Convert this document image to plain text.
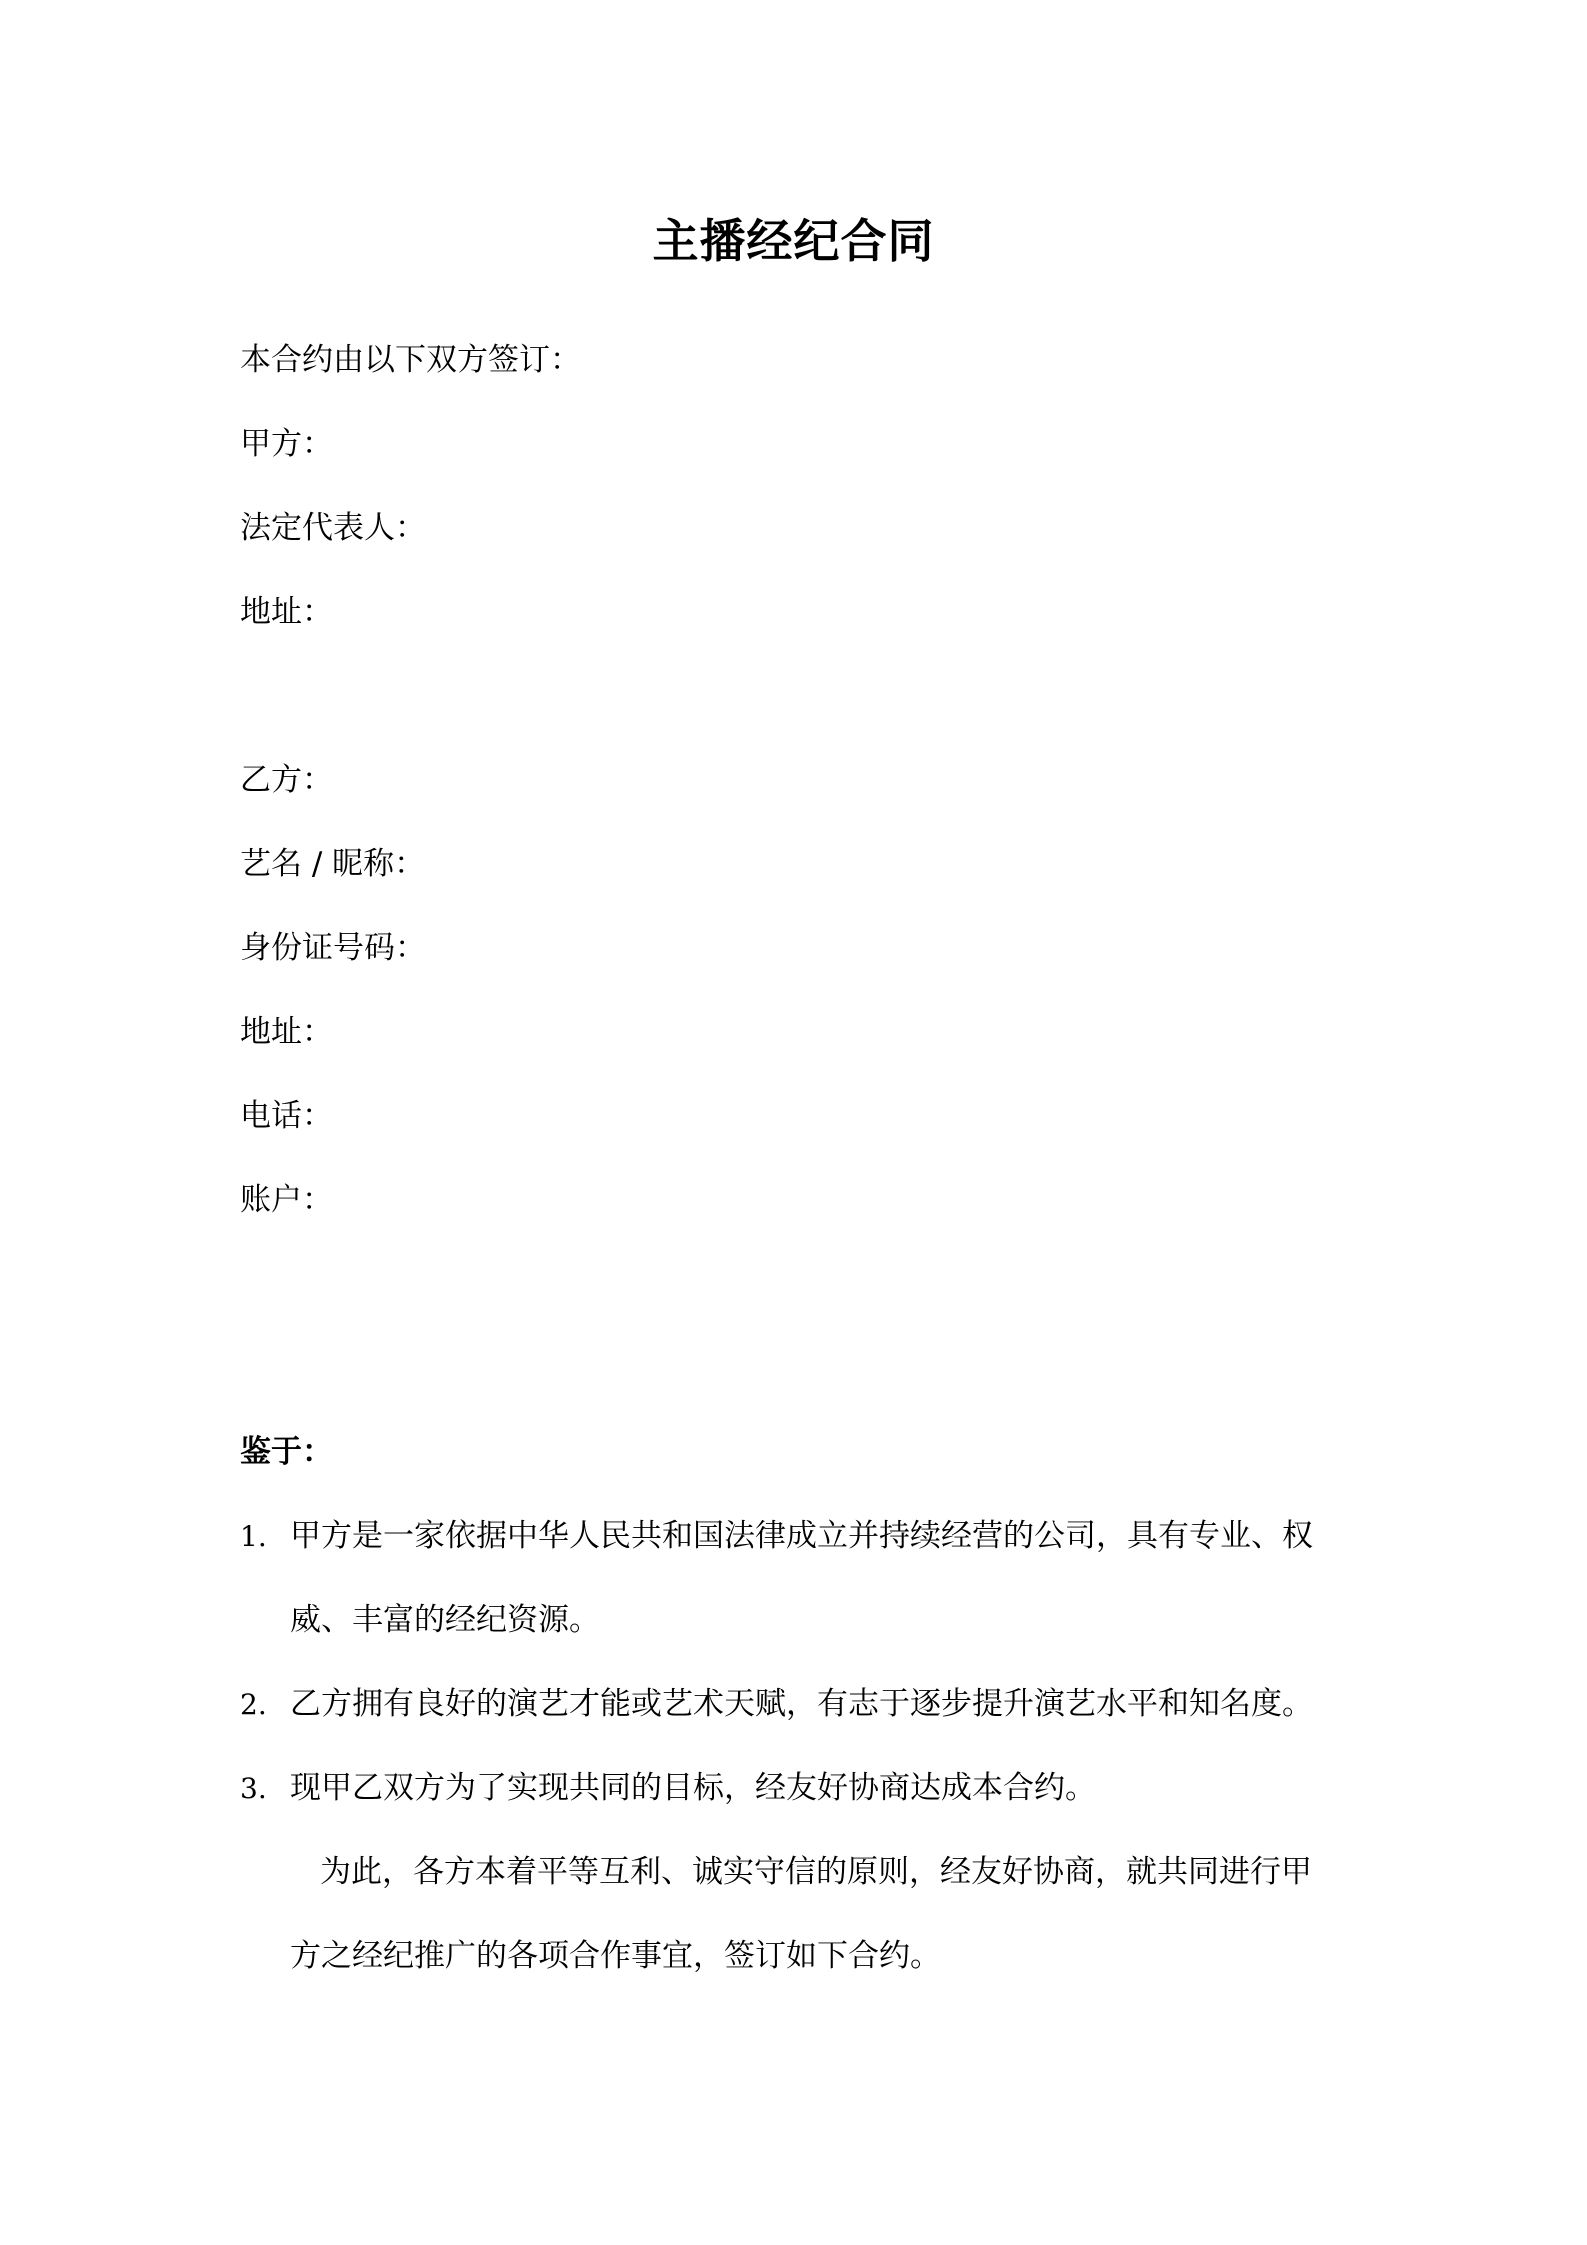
主播经纪合同
本合约由以下双方签订：
甲方：
法定代表人：
地址：
乙方：
艺名 / 昵称：
身份证号码：
地址：
电话：
账户：
鉴于：
1. 甲方是一家依据中华人民共和国法律成立并持续经营的公司，具有专业、权
威、丰富的经纪资源。
2. 乙方拥有良好的演艺才能或艺术天赋，有志于逐步提升演艺水平和知名度。
3. 现甲乙双方为了实现共同的目标，经友好协商达成本合约。
为此，各方本着平等互利、诚实守信的原则，经友好协商，就共同进行甲
方之经纪推广的各项合作事宜，签订如下合约。
